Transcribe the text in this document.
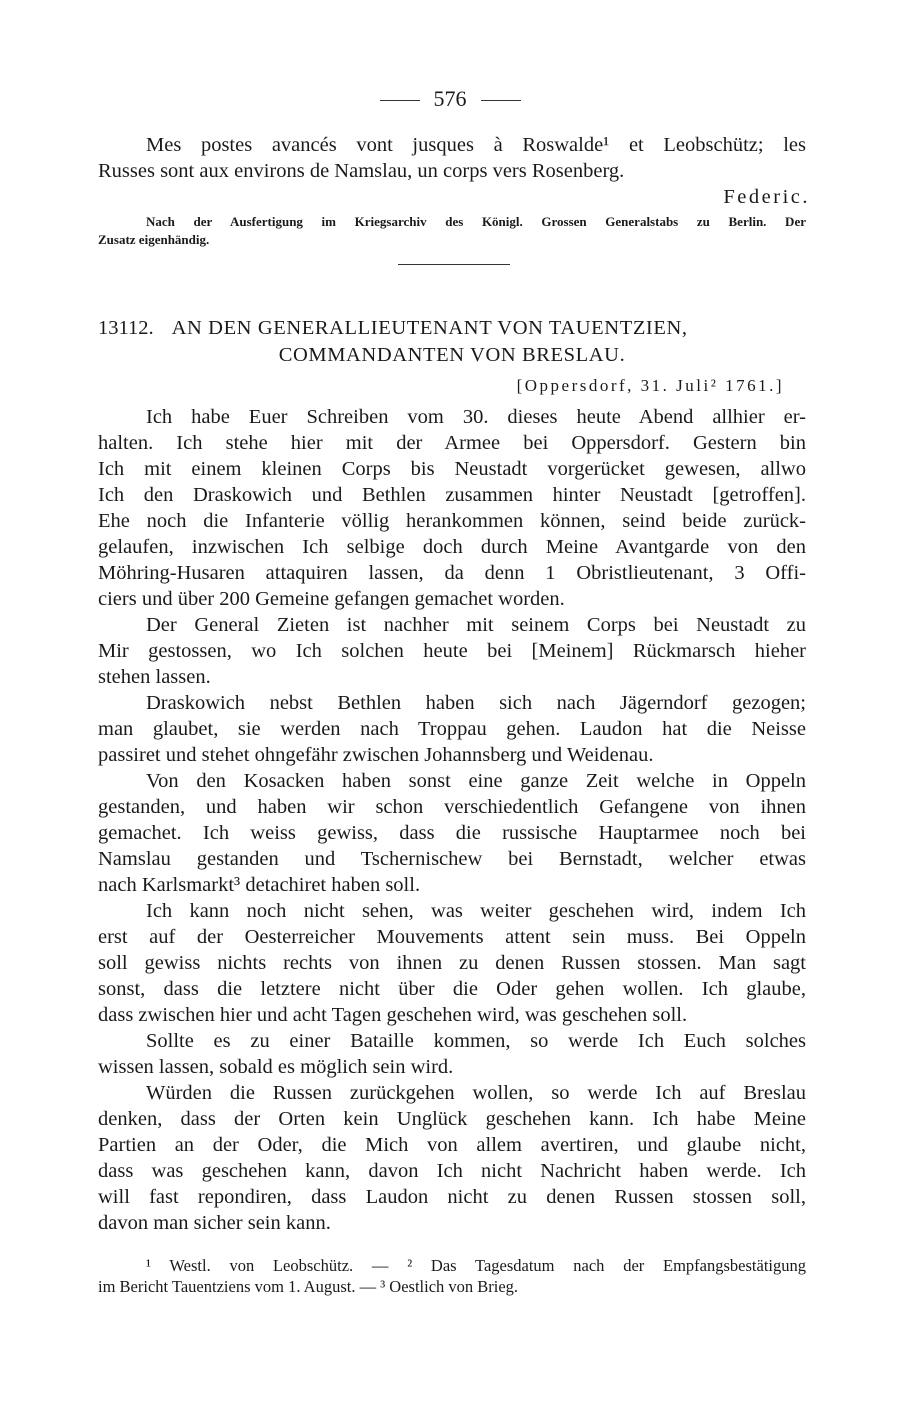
576
Mes postes avancés vont jusques à Roswalde¹ et Leobschütz; les
Russes sont aux environs de Namslau, un corps vers Rosenberg.
Federic.
Nach der Ausfertigung im Kriegsarchiv des Königl. Grossen Generalstabs zu Berlin. Der
Zusatz eigenhändig.
13112. AN DEN GENERALLIEUTENANT VON TAUENTZIEN,
COMMANDANTEN VON BRESLAU.
[Oppersdorf, 31. Juli² 1761.]
Ich habe Euer Schreiben vom 30. dieses heute Abend allhier er-
halten. Ich stehe hier mit der Armee bei Oppersdorf. Gestern bin
Ich mit einem kleinen Corps bis Neustadt vorgerücket gewesen, allwo
Ich den Draskowich und Bethlen zusammen hinter Neustadt [getroffen].
Ehe noch die Infanterie völlig herankommen können, seind beide zurück-
gelaufen, inzwischen Ich selbige doch durch Meine Avantgarde von den
Möhring-Husaren attaquiren lassen, da denn 1 Obristlieutenant, 3 Offi-
ciers und über 200 Gemeine gefangen gemachet worden.
Der General Zieten ist nachher mit seinem Corps bei Neustadt zu
Mir gestossen, wo Ich solchen heute bei [Meinem] Rückmarsch hieher
stehen lassen.
Draskowich nebst Bethlen haben sich nach Jägerndorf gezogen;
man glaubet, sie werden nach Troppau gehen. Laudon hat die Neisse
passiret und stehet ohngefähr zwischen Johannsberg und Weidenau.
Von den Kosacken haben sonst eine ganze Zeit welche in Oppeln
gestanden, und haben wir schon verschiedentlich Gefangene von ihnen
gemachet. Ich weiss gewiss, dass die russische Hauptarmee noch bei
Namslau gestanden und Tschernischew bei Bernstadt, welcher etwas
nach Karlsmarkt³ detachiret haben soll.
Ich kann noch nicht sehen, was weiter geschehen wird, indem Ich
erst auf der Oesterreicher Mouvements attent sein muss. Bei Oppeln
soll gewiss nichts rechts von ihnen zu denen Russen stossen. Man sagt
sonst, dass die letztere nicht über die Oder gehen wollen. Ich glaube,
dass zwischen hier und acht Tagen geschehen wird, was geschehen soll.
Sollte es zu einer Bataille kommen, so werde Ich Euch solches
wissen lassen, sobald es möglich sein wird.
Würden die Russen zurückgehen wollen, so werde Ich auf Breslau
denken, dass der Orten kein Unglück geschehen kann. Ich habe Meine
Partien an der Oder, die Mich von allem avertiren, und glaube nicht,
dass was geschehen kann, davon Ich nicht Nachricht haben werde. Ich
will fast repondiren, dass Laudon nicht zu denen Russen stossen soll,
davon man sicher sein kann.
¹ Westl. von Leobschütz. — ² Das Tagesdatum nach der Empfangsbestätigung
im Bericht Tauentziens vom 1. August. — ³ Oestlich von Brieg.
